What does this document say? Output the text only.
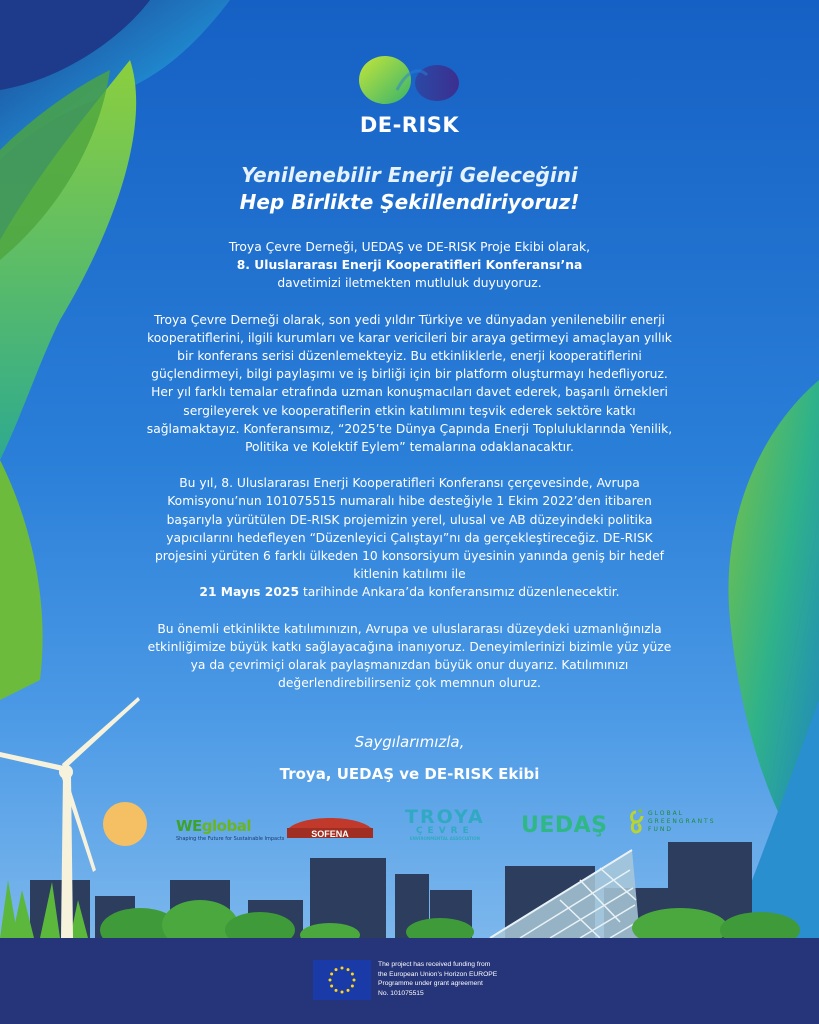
DE-RISK
Yenilenebilir Enerji Geleceğini
Hep Birlikte Şekillendiriyoruz!

Troya Çevre Derneği, UEDAŞ ve DE-RISK Proje Ekibi olarak,
8. Uluslararası Enerji Kooperatifleri Konferansı’na
davetimizi iletmekten mutluluk duyuyoruz.

Troya Çevre Derneği olarak, son yedi yıldır Türkiye ve dünyadan yenilenebilir enerji kooperatiflerini, ilgili kurumları ve karar vericileri bir araya getirmeyi amaçlayan yıllık bir konferans serisi düzenlemekteyiz. Bu etkinliklerle, enerji kooperatiflerini güçlendirmeyi, bilgi paylaşımı ve iş birliği için bir platform oluşturmayı hedefliyoruz. Her yıl farklı temalar etrafında uzman konuşmacıları davet ederek, başarılı örnekleri sergileyerek ve kooperatiflerin etkin katılımını teşvik ederek sektöre katkı sağlamaktayız. Konferansımız, “2025’te Dünya Çapında Enerji Topluluklarında Yenilik, Politika ve Kolektif Eylem” temalarına odaklanacaktır.

Bu yıl, 8. Uluslararası Enerji Kooperatifleri Konferansı çerçevesinde, Avrupa Komisyonu’nun 101075515 numaralı hibe desteğiyle 1 Ekim 2022’den itibaren başarıyla yürütülen DE-RISK projemizin yerel, ulusal ve AB düzeyindeki politika yapıcılarını hedefleyen “Düzenleyici Çalıştayı”nı da gerçekleştireceğiz. DE-RISK projesini yürüten 6 farklı ülkeden 10 konsorsiyum üyesinin yanında geniş bir hedef kitlenin katılımı ile
21 Mayıs 2025 tarihinde Ankara’da konferansımız düzenlenecektir.

Bu önemli etkinlikte katılımınızın, Avrupa ve uluslararası düzeydeki uzmanlığınızla etkinliğimize büyük katkı sağlayacağına inanıyoruz. Deneyimlerinizi bizimle yüz yüze ya da çevrimiçi olarak paylaşmanızdan büyük onur duyarız. Katılımınızı değerlendirebilirseniz çok memnun oluruz.

Saygılarımızla,
Troya, UEDAŞ ve DE-RISK Ekibi
WEglobal
Shaping the Future for Sustainable Impacts	SOFENA
TROYA
ÇEVRE
ENVIRONMENTAL ASSOCIATION
UEDAŞ	GLOBAL
GREENGRANTS
FUND
The project has received funding from
the European Union’s Horizon EUROPE
Programme under grant agreement
No. 101075515
